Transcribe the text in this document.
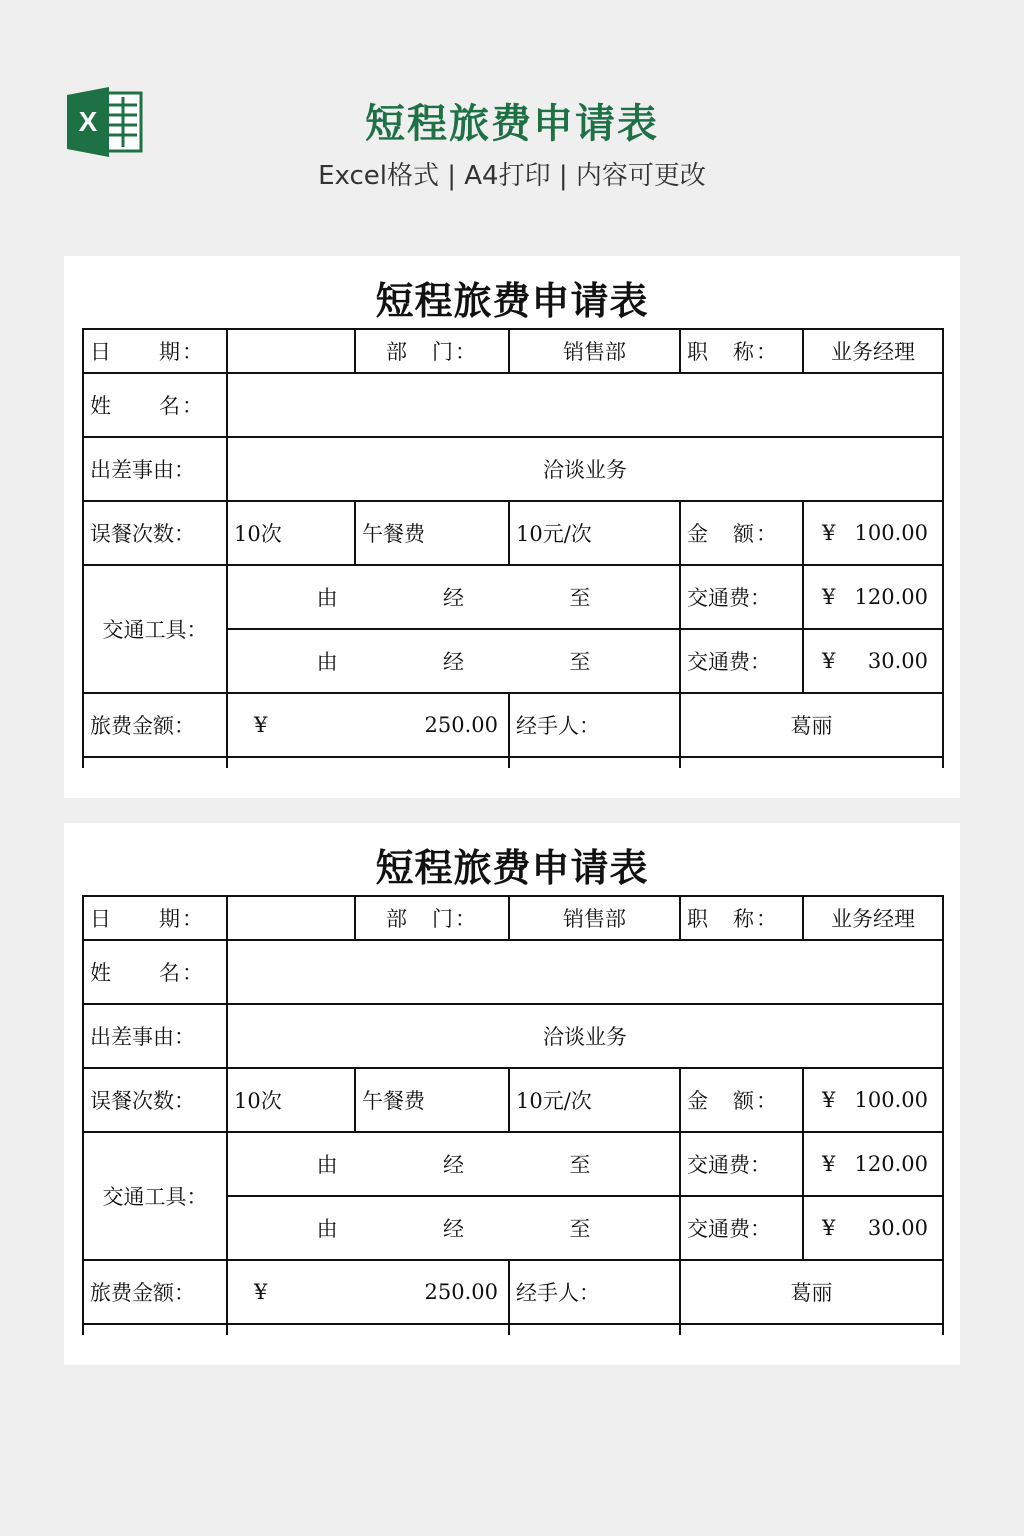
X	短程旅费申请表
Excel格式 | A4打印 | 内容可更改
短程旅费申请表
日　　期：		部　门：	销售部	职　称：	业务经理
姓　　名：					
出差事由：	洽谈业务				
误餐次数：	10次	午餐费	10元/次	金　额：	¥ 100.00

交通工具：	由 经 至			交通费：	¥ 120.00

	由 经 至			交通费：	¥ 30.00

旅费金额：	¥ 250.00		经手人：	葛丽	

短程旅费申请表
日　　期：		部　门：	销售部	职　称：	业务经理
姓　　名：					
出差事由：	洽谈业务				
误餐次数：	10次	午餐费	10元/次	金　额：	¥ 100.00

交通工具：	由 经 至			交通费：	¥ 120.00

	由 经 至			交通费：	¥ 30.00

旅费金额：	¥ 250.00		经手人：	葛丽	
